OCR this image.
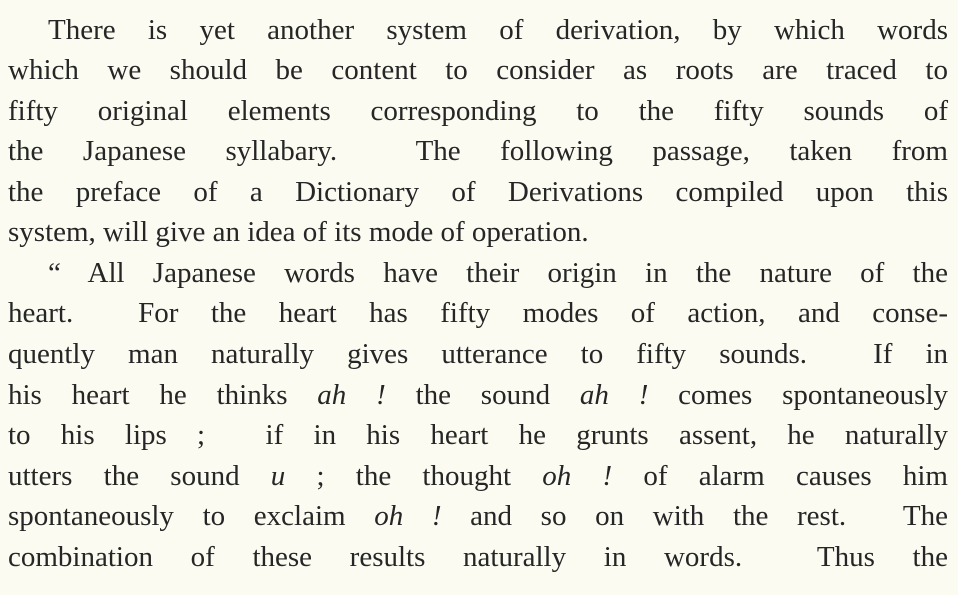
There is yet another system of derivation, by which words
which we should be content to consider as roots are traced to
fifty original elements corresponding to the fifty sounds of
the Japanese syllabary.  The following passage, taken from
the preface of a Dictionary of Derivations compiled upon this
system, will give an idea of its mode of operation.
“ All Japanese words have their origin in the nature of the
heart.  For the heart has fifty modes of action, and conse-
quently man naturally gives utterance to fifty sounds.  If in
his heart he thinks ah ! the sound ah ! comes spontaneously
to his lips ;  if in his heart he grunts assent, he naturally
utters the sound u ; the thought oh ! of alarm causes him
spontaneously to exclaim oh ! and so on with the rest.  The
combination of these results naturally in words.  Thus the
